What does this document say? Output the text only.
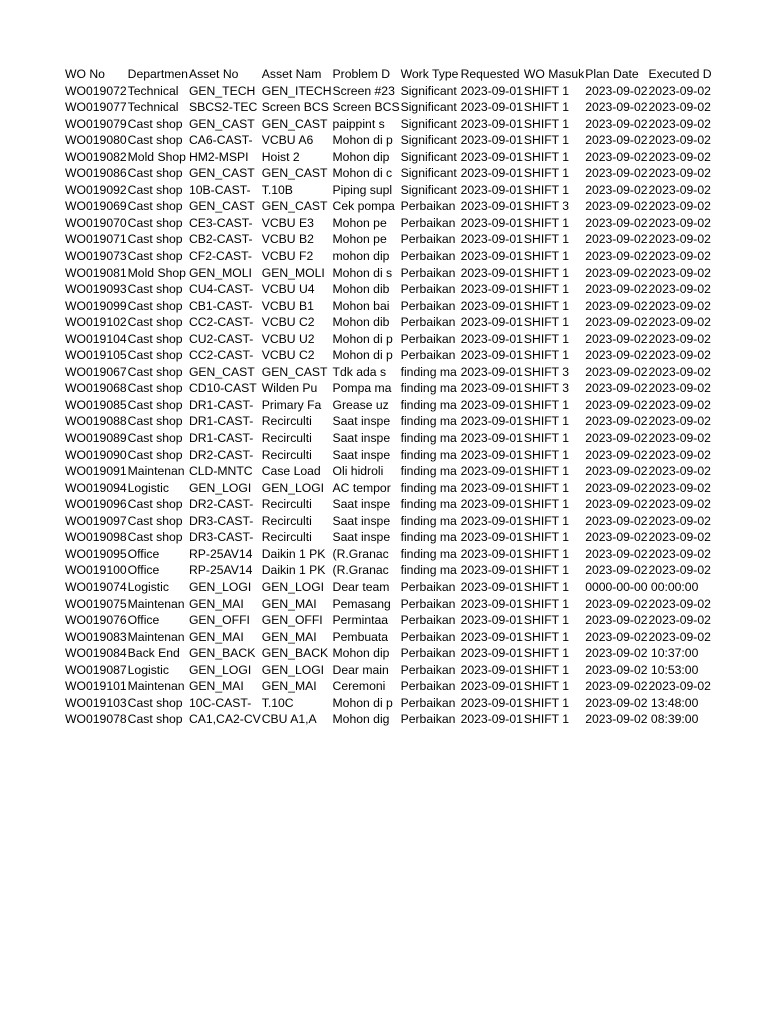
WO No	Departmen	Asset No	Asset Nam	Problem D	Work Type	Requested	WO Masuk	Plan Date	Executed D
WO019072	Technical	GEN_TECH	GEN_ITECH	Screen #23	Significant	2023-09-01	SHIFT 1	2023-09-02	2023-09-02
WO019077	Technical	SBCS2-TEC	Screen BCS	Screen BCS	Significant	2023-09-01	SHIFT 1	2023-09-02	2023-09-02
WO019079	Cast shop	GEN_CAST	GEN_CAST	paippint s	Significant	2023-09-01	SHIFT 1	2023-09-02	2023-09-02
WO019080	Cast shop	CA6-CAST-	VCBU A6	Mohon di p	Significant	2023-09-01	SHIFT 1	2023-09-02	2023-09-02
WO019082	Mold Shop	HM2-MSPI	Hoist 2	Mohon dip	Significant	2023-09-01	SHIFT 1	2023-09-02	2023-09-02
WO019086	Cast shop	GEN_CAST	GEN_CAST	Mohon di c	Significant	2023-09-01	SHIFT 1	2023-09-02	2023-09-02
WO019092	Cast shop	10B-CAST-	T.10B	Piping supl	Significant	2023-09-01	SHIFT 1	2023-09-02	2023-09-02
WO019069	Cast shop	GEN_CAST	GEN_CAST	Cek pompa	Perbaikan	2023-09-01	SHIFT 3	2023-09-02	2023-09-02
WO019070	Cast shop	CE3-CAST-	VCBU E3	Mohon pe	Perbaikan	2023-09-01	SHIFT 1	2023-09-02	2023-09-02
WO019071	Cast shop	CB2-CAST-	VCBU B2	Mohon pe	Perbaikan	2023-09-01	SHIFT 1	2023-09-02	2023-09-02
WO019073	Cast shop	CF2-CAST-	VCBU F2	mohon dip	Perbaikan	2023-09-01	SHIFT 1	2023-09-02	2023-09-02
WO019081	Mold Shop	GEN_MOLI	GEN_MOLI	Mohon di s	Perbaikan	2023-09-01	SHIFT 1	2023-09-02	2023-09-02
WO019093	Cast shop	CU4-CAST-	VCBU U4	Mohon dib	Perbaikan	2023-09-01	SHIFT 1	2023-09-02	2023-09-02
WO019099	Cast shop	CB1-CAST-	VCBU B1	Mohon bai	Perbaikan	2023-09-01	SHIFT 1	2023-09-02	2023-09-02
WO019102	Cast shop	CC2-CAST-	VCBU C2	Mohon dib	Perbaikan	2023-09-01	SHIFT 1	2023-09-02	2023-09-02
WO019104	Cast shop	CU2-CAST-	VCBU U2	Mohon di p	Perbaikan	2023-09-01	SHIFT 1	2023-09-02	2023-09-02
WO019105	Cast shop	CC2-CAST-	VCBU C2	Mohon di p	Perbaikan	2023-09-01	SHIFT 1	2023-09-02	2023-09-02
WO019067	Cast shop	GEN_CAST	GEN_CAST	Tdk ada s	finding ma	2023-09-01	SHIFT 3	2023-09-02	2023-09-02
WO019068	Cast shop	CD10-CAST	Wilden Pu	Pompa ma	finding ma	2023-09-01	SHIFT 3	2023-09-02	2023-09-02
WO019085	Cast shop	DR1-CAST-	Primary Fa	Grease uz	finding ma	2023-09-01	SHIFT 1	2023-09-02	2023-09-02
WO019088	Cast shop	DR1-CAST-	Recirculti	Saat inspe	finding ma	2023-09-01	SHIFT 1	2023-09-02	2023-09-02
WO019089	Cast shop	DR1-CAST-	Recirculti	Saat inspe	finding ma	2023-09-01	SHIFT 1	2023-09-02	2023-09-02
WO019090	Cast shop	DR2-CAST-	Recirculti	Saat inspe	finding ma	2023-09-01	SHIFT 1	2023-09-02	2023-09-02
WO019091	Maintenan	CLD-MNTC	Case Load	Oli hidroli	finding ma	2023-09-01	SHIFT 1	2023-09-02	2023-09-02
WO019094	Logistic	GEN_LOGI	GEN_LOGI	AC tempor	finding ma	2023-09-01	SHIFT 1	2023-09-02	2023-09-02
WO019096	Cast shop	DR2-CAST-	Recirculti	Saat inspe	finding ma	2023-09-01	SHIFT 1	2023-09-02	2023-09-02
WO019097	Cast shop	DR3-CAST-	Recirculti	Saat inspe	finding ma	2023-09-01	SHIFT 1	2023-09-02	2023-09-02
WO019098	Cast shop	DR3-CAST-	Recirculti	Saat inspe	finding ma	2023-09-01	SHIFT 1	2023-09-02	2023-09-02
WO019095	Office	RP-25AV14	Daikin 1 PK	(R.Granac	finding ma	2023-09-01	SHIFT 1	2023-09-02	2023-09-02
WO019100	Office	RP-25AV14	Daikin 1 PK	(R.Granac	finding ma	2023-09-01	SHIFT 1	2023-09-02	2023-09-02
WO019074	Logistic	GEN_LOGI	GEN_LOGI	Dear team	Perbaikan	2023-09-01	SHIFT 1	0000-00-00 00:00:00	
WO019075	Maintenan	GEN_MAI	GEN_MAI	Pemasang	Perbaikan	2023-09-01	SHIFT 1	2023-09-02	2023-09-02
WO019076	Office	GEN_OFFI	GEN_OFFI	Permintaa	Perbaikan	2023-09-01	SHIFT 1	2023-09-02	2023-09-02
WO019083	Maintenan	GEN_MAI	GEN_MAI	Pembuata	Perbaikan	2023-09-01	SHIFT 1	2023-09-02	2023-09-02
WO019084	Back End	GEN_BACK	GEN_BACK	Mohon dip	Perbaikan	2023-09-01	SHIFT 1	2023-09-02 10:37:00	
WO019087	Logistic	GEN_LOGI	GEN_LOGI	Dear main	Perbaikan	2023-09-01	SHIFT 1	2023-09-02 10:53:00	
WO019101	Maintenan	GEN_MAI	GEN_MAI	Ceremoni	Perbaikan	2023-09-01	SHIFT 1	2023-09-02	2023-09-02
WO019103	Cast shop	10C-CAST-	T.10C	Mohon di p	Perbaikan	2023-09-01	SHIFT 1	2023-09-02 13:48:00	
WO019078	Cast shop	CA1,CA2-CV	CBU A1,A	Mohon dig	Perbaikan	2023-09-01	SHIFT 1	2023-09-02 08:39:00	
